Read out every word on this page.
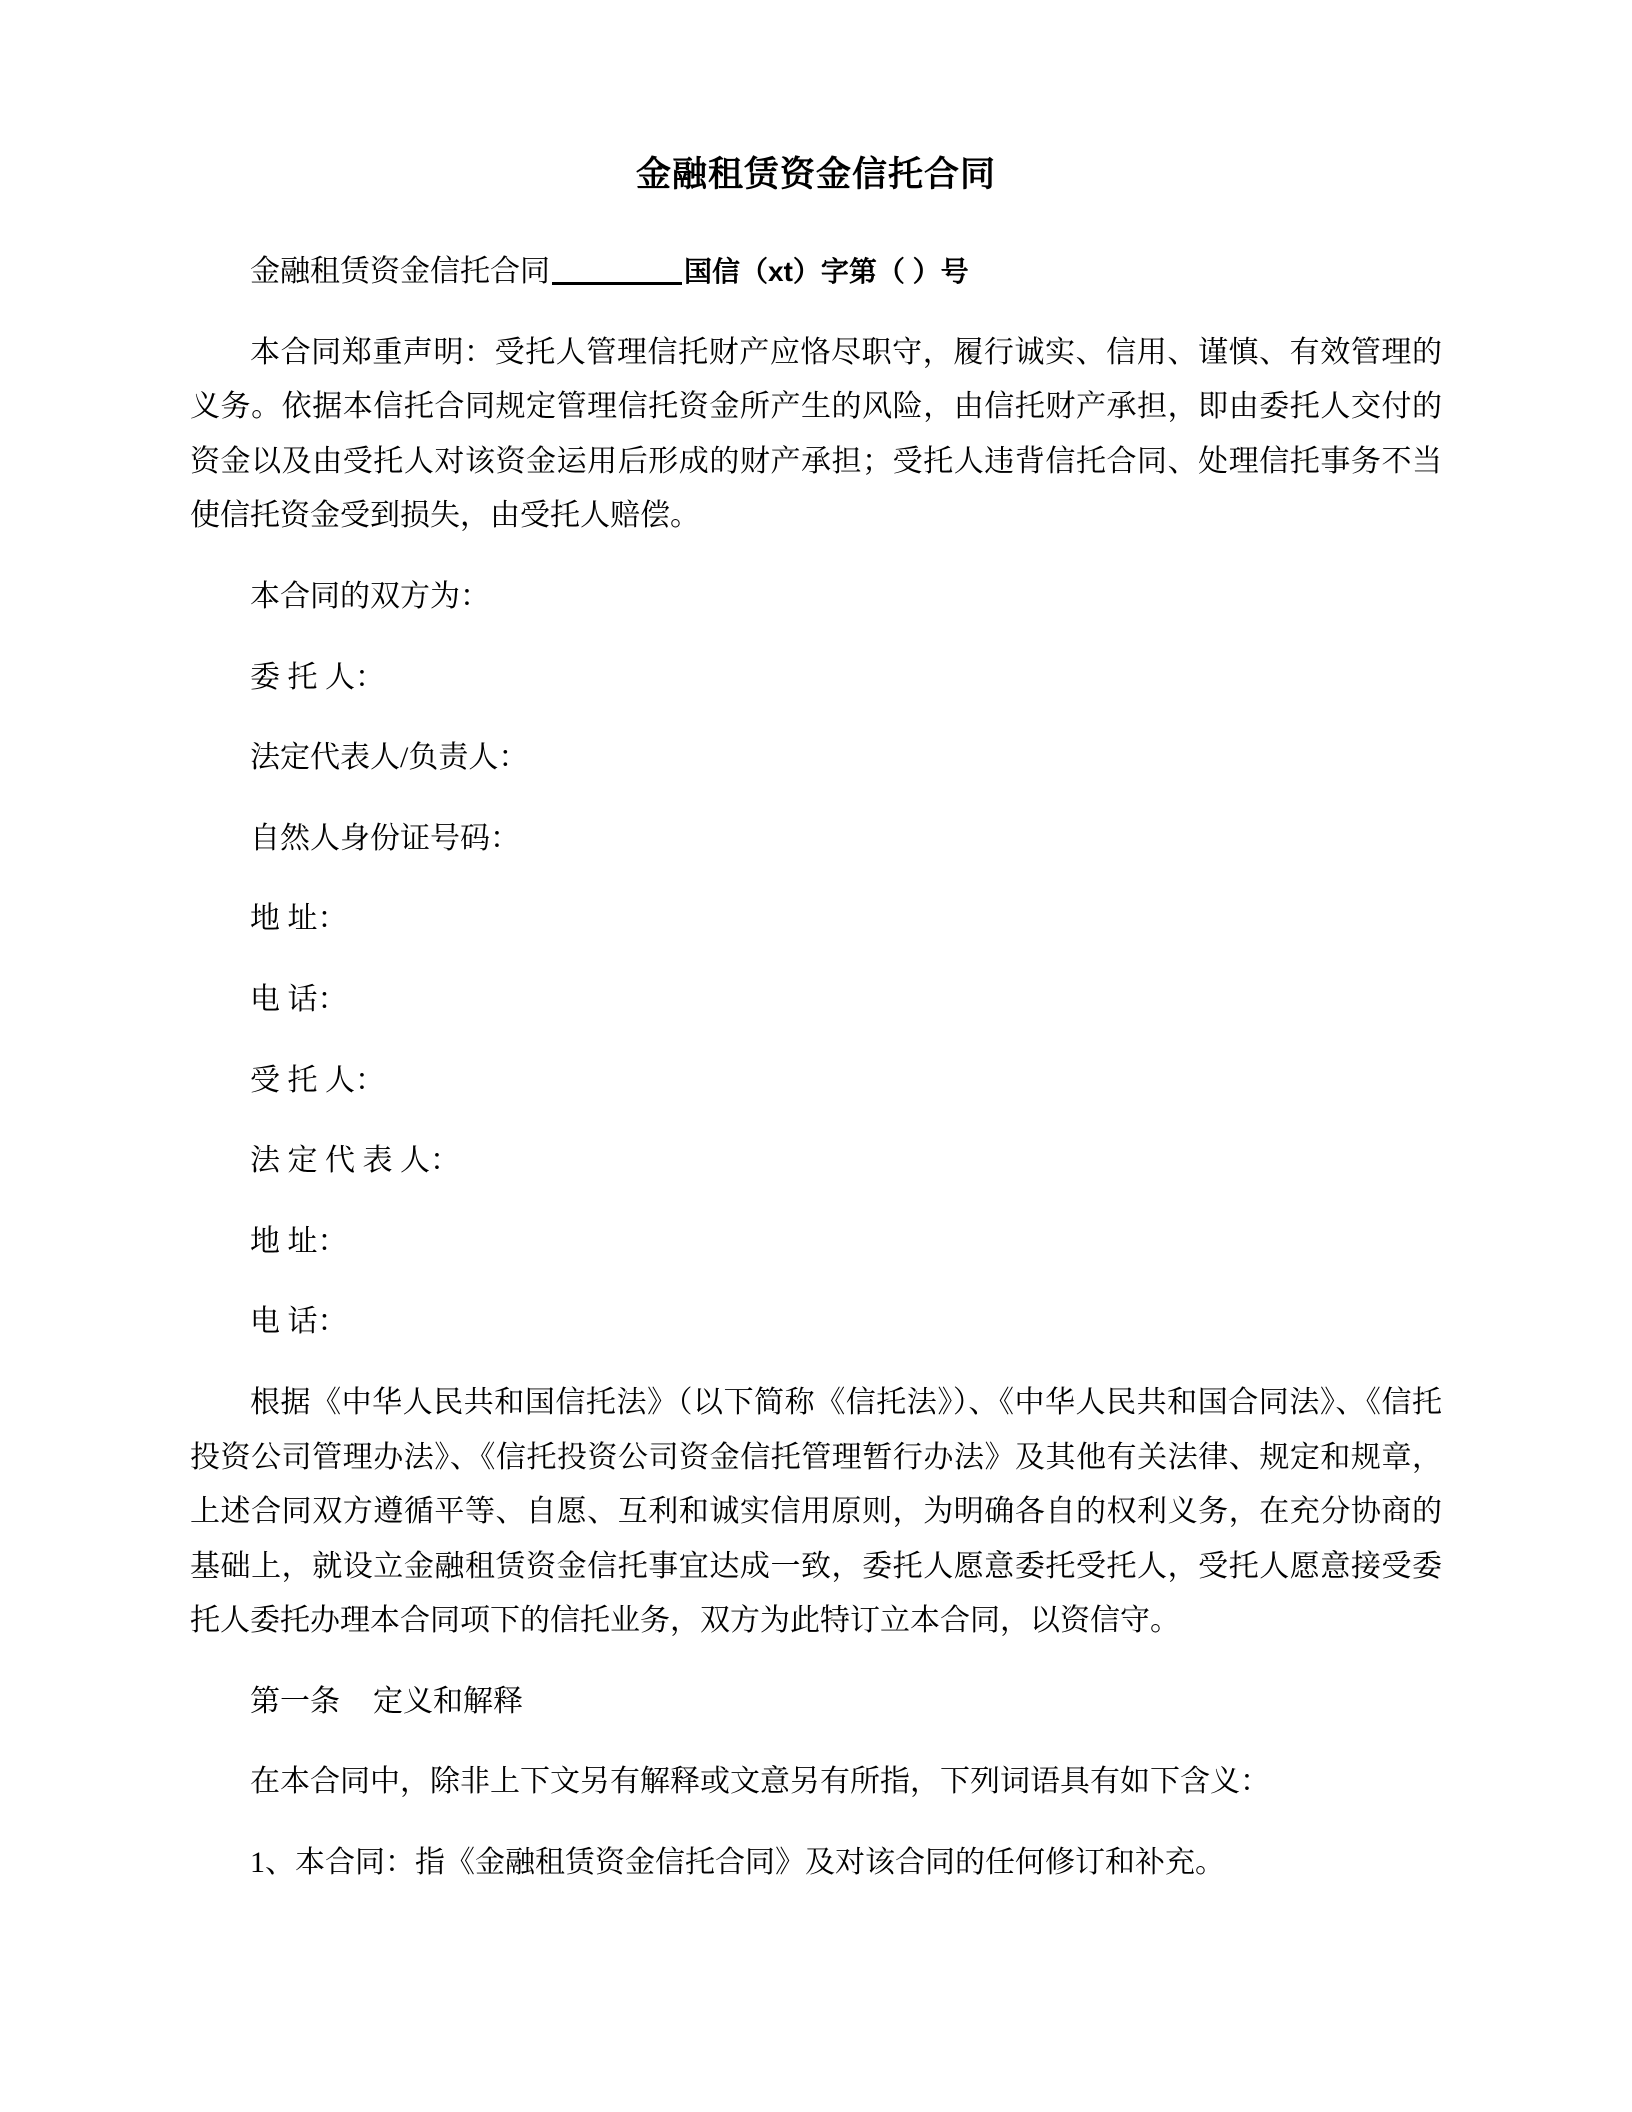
金融租赁资金信托合同

金融租赁资金信托合同	国信（xt）字第（ ）号

本合同郑重声明：受托人管理信托财产应恪尽职守，履行诚实、信用、谨慎、有效管理的义务。依据本信托合同规定管理信托资金所产生的风险，由信托财产承担，即由委托人交付的资金以及由受托人对该资金运用后形成的财产承担；受托人违背信托合同、处理信托事务不当使信托资金受到损失，由受托人赔偿。

本合同的双方为：

委 托 人：

法定代表人/负责人：

自然人身份证号码：

地 址：

电 话：

受 托 人：

法 定 代 表 人：

地 址：

电 话：

根据《中华人民共和国信托法》（以下简称《信托法》）、《中华人民共和国合同法》、《信托投资公司管理办法》、《信托投资公司资金信托管理暂行办法》及其他有关法律、规定和规章，上述合同双方遵循平等、自愿、互利和诚实信用原则，为明确各自的权利义务，在充分协商的基础上，就设立金融租赁资金信托事宜达成一致，委托人愿意委托受托人，受托人愿意接受委托人委托办理本合同项下的信托业务，双方为此特订立本合同，以资信守。

第一条 定义和解释

在本合同中，除非上下文另有解释或文意另有所指，下列词语具有如下含义：

1、本合同：指《金融租赁资金信托合同》及对该合同的任何修订和补充。
